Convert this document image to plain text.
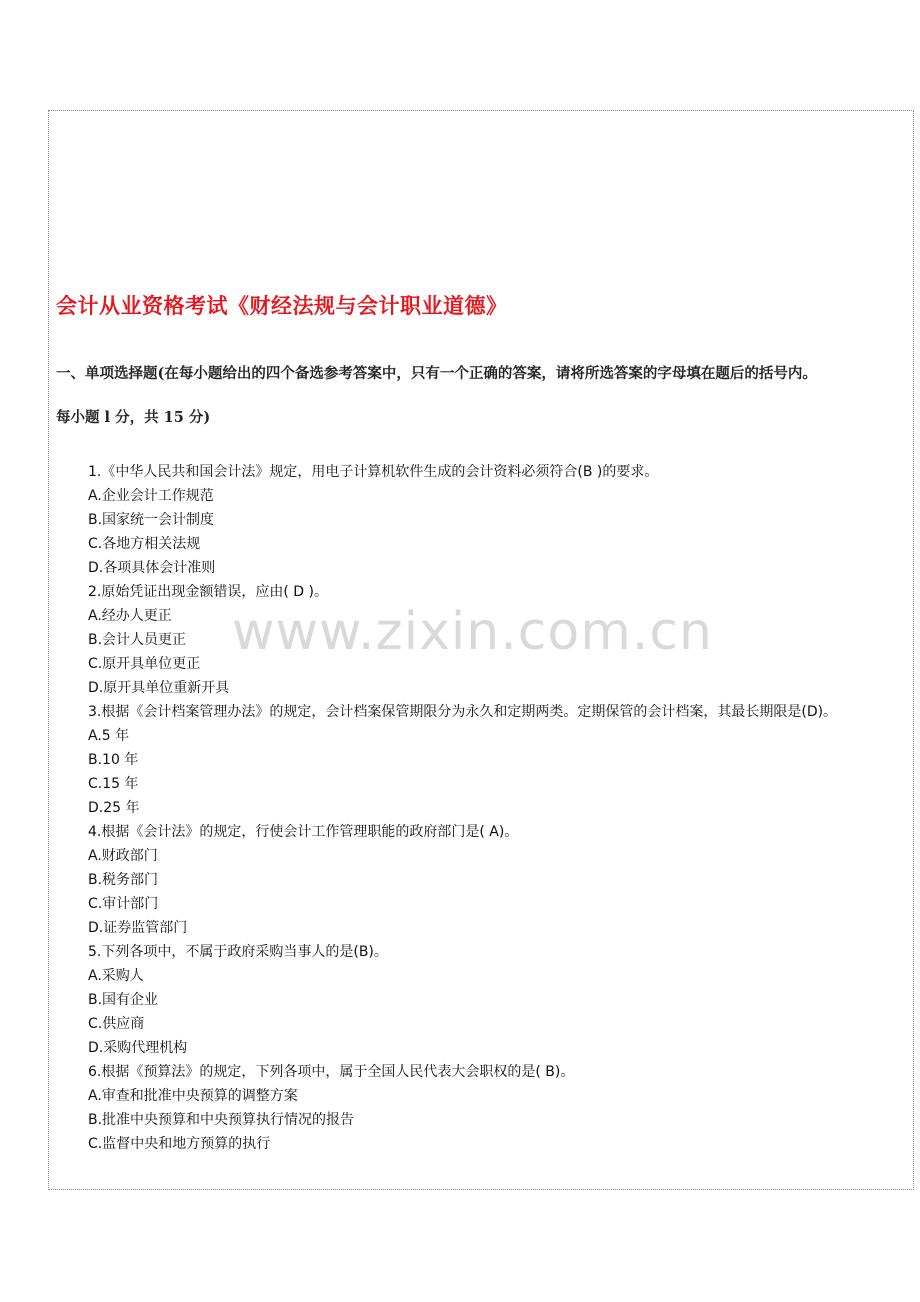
会计从业资格考试《财经法规与会计职业道德》
一、单项选择题(在每小题给出的四个备选参考答案中，只有一个正确的答案，请将所选答案的字母填在题后的括号内。
每小题 l 分，共 15 分)

1.《中华人民共和国会计法》规定，用电子计算机软件生成的会计资料必须符合(B )的要求。

A.企业会计工作规范

B.国家统一会计制度

C.各地方相关法规

D.各项具体会计准则

2.原始凭证出现金额错误，应由( D )。

A.经办人更正

B.会计人员更正

C.原开具单位更正

D.原开具单位重新开具

3.根据《会计档案管理办法》的规定，会计档案保管期限分为永久和定期两类。定期保管的会计档案，其最长期限是(D)。

A.5 年

B.10 年

C.15 年

D.25 年

4.根据《会计法》的规定，行使会计工作管理职能的政府部门是( A)。

A.财政部门

B.税务部门

C.审计部门

D.证券监管部门

5.下列各项中，不属于政府采购当事人的是(B)。

A.采购人

B.国有企业

C.供应商

D.采购代理机构

6.根据《预算法》的规定，下列各项中，属于全国人民代表大会职权的是( B)。

A.审查和批准中央预算的调整方案

B.批准中央预算和中央预算执行情况的报告

C.监督中央和地方预算的执行

www.zixin.com.cn
